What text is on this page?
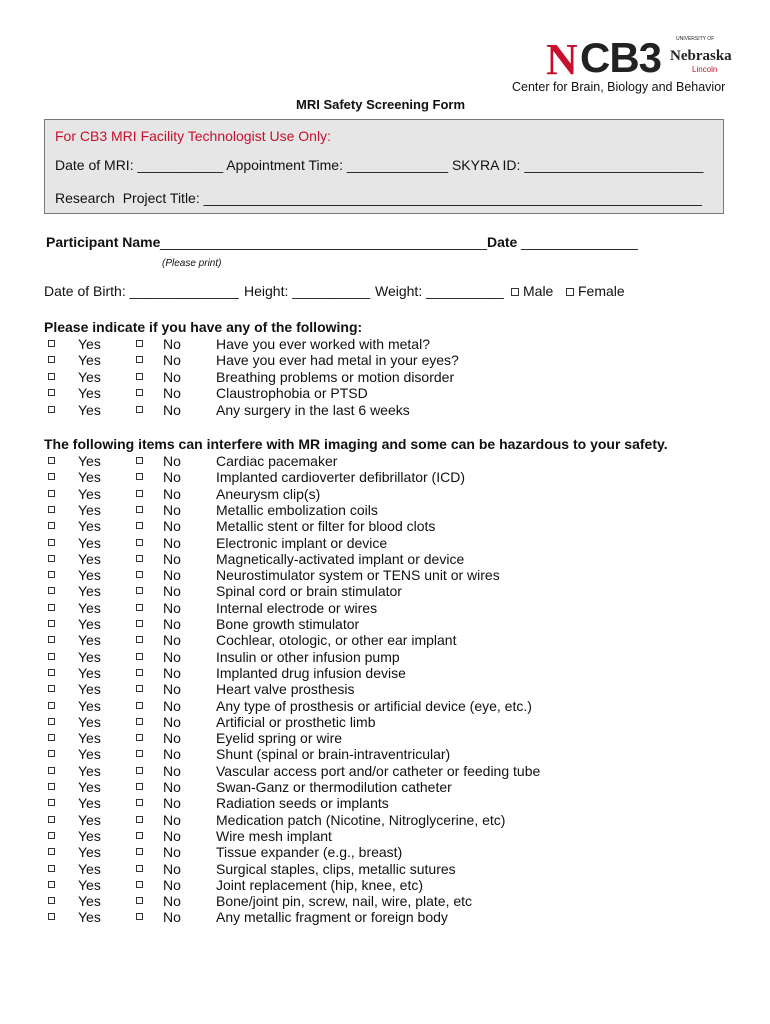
N CB3	UNIVERSITY OF
Nebraska
Lincoln
Center for Brain, Biology and Behavior
MRI Safety Screening Form
For CB3 MRI Facility Technologist Use Only:
Date of MRI: ___________ Appointment Time: _____________ SKYRA ID: _______________________
Research  Project Title: ________________________________________________________________
Participant Name __________________________________________ Date _______________
(Please print)
Date of Birth: ______________ Height: __________ Weight: __________	Male	Female
Please indicate if you have any of the following:
Yes	No	Have you ever worked with metal?
Yes	No	Have you ever had metal in your eyes?
Yes	No	Breathing problems or motion disorder
Yes	No	Claustrophobia or PTSD
Yes	No	Any surgery in the last 6 weeks
The following items can interfere with MR imaging and some can be hazardous to your safety.
Yes	No	Cardiac pacemaker
Yes	No	Implanted cardioverter defibrillator (ICD)
Yes	No	Aneurysm clip(s)
Yes	No	Metallic embolization coils
Yes	No	Metallic stent or filter for blood clots
Yes	No	Electronic implant or device
Yes	No	Magnetically-activated implant or device
Yes	No	Neurostimulator system or TENS unit or wires
Yes	No	Spinal cord or brain stimulator
Yes	No	Internal electrode or wires
Yes	No	Bone growth stimulator
Yes	No	Cochlear, otologic, or other ear implant
Yes	No	Insulin or other infusion pump
Yes	No	Implanted drug infusion devise
Yes	No	Heart valve prosthesis
Yes	No	Any type of prosthesis or artificial device (eye, etc.)
Yes	No	Artificial or prosthetic limb
Yes	No	Eyelid spring or wire
Yes	No	Shunt (spinal or brain-intraventricular)
Yes	No	Vascular access port and/or catheter or feeding tube
Yes	No	Swan-Ganz or thermodilution catheter
Yes	No	Radiation seeds or implants
Yes	No	Medication patch (Nicotine, Nitroglycerine, etc)
Yes	No	Wire mesh implant
Yes	No	Tissue expander (e.g., breast)
Yes	No	Surgical staples, clips, metallic sutures
Yes	No	Joint replacement (hip, knee, etc)
Yes	No	Bone/joint pin, screw, nail, wire, plate, etc
Yes	No	Any metallic fragment or foreign body
